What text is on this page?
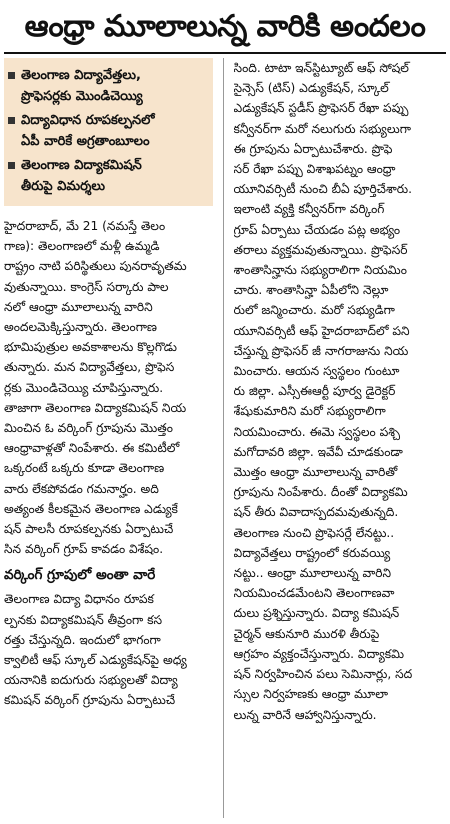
ఆంధ్రా మూలాలున్న వారికి అందలం
తెలంగాణ విద్యావేత్తలు,
ప్రొఫెసర్లకు మొండిచెయ్యి
విద్యావిధాన రూపకల్పనలో
ఏపీ వారికే అగ్రతాంబూలం
తెలంగాణ విద్యాకమిషన్
తీరుపై విమర్శలు
హైదరాబాద్, మే 21 (నమస్తే తెలం
గాణ): తెలంగాణలో మళ్లీ ఉమ్మడి
రాష్ట్రం నాటి పరిస్థితులు పునరావృతమ
వుతున్నాయి. కాంగ్రెస్ సర్కారు పాల
నలో ఆంధ్రా మూలాలున్న వారిని
అందలమెక్కిస్తున్నారు. తెలంగాణ
భూమిపుత్రుల అవకాశాలను కొల్లగొడు
తున్నారు. మన విద్యావేత్తలు, ప్రొఫెస
ర్లకు మొండిచెయ్యి చూపిస్తున్నారు.
తాజాగా తెలంగాణ విద్యాకమిషన్ నియ
మించిన ఓ వర్కింగ్ గ్రూపును మొత్తం
ఆంధ్రావాళ్లతో నింపేశారు. ఈ కమిటీలో
ఒక్కరంటే ఒక్కరు కూడా తెలంగాణ
వారు లేకపోవడం గమనార్హం. అది
అత్యంత కీలకమైన తెలంగాణ ఎడ్యుకే
షన్ పాలసీ రూపకల్పనకు ఏర్పాటుచే
సిన వర్కింగ్ గ్రూప్ కావడం విశేషం.
వర్కింగ్ గ్రూపులో అంతా వారే
తెలంగాణ విద్యా విధానం రూపక
ల్పనకు విద్యాకమిషన్ తీవ్రంగా కస
రత్తు చేస్తున్నది. ఇందులో భాగంగా
క్వాలిటీ ఆఫ్ స్కూల్ ఎడ్యుకేషన్‌పై అధ్య
యనానికి ఐదుగురు సభ్యులతో విద్యా
కమిషన్ వర్కింగ్ గ్రూపును ఏర్పాటుచే
సింది. టాటా ఇన్‌స్టిట్యూట్ ఆఫ్ సోషల్
సైన్సెస్ (టిస్) ఎడ్యుకేషన్, స్కూల్
ఎడ్యుకేషన్ స్టడీస్ ప్రొఫెసర్ రేఖా పప్పు
కన్వీనర్‌గా మరో నలుగురు సభ్యులుగా
ఈ గ్రూపును ఏర్పాటుచేశారు. ప్రొఫె
సర్ రేఖా పప్పు విశాఖపట్నం ఆంధ్రా
యూనివర్సిటీ నుంచి బీఏ పూర్తిచేశారు.
ఇలాంటి వ్యక్తి కన్వీనర్‌గా వర్కింగ్
గ్రూప్ ఏర్పాటు చేయడం పట్ల అభ్యం
తరాలు వ్యక్తమవుతున్నాయి. ప్రొఫెసర్
శాంతాసిన్హాను సభ్యురాలిగా నియమిం
చారు. శాంతాసిన్హా ఏపీలోని నెల్లూ
రులో జన్మించారు. మరో సభ్యుడిగా
యూనివర్సిటీ ఆఫ్ హైదరాబాద్‌లో పని
చేస్తున్న ప్రొఫెసర్ జీ నాగరాజును నియ
మించారు. ఆయన స్వస్థలం గుంటూ
రు జిల్లా. ఎస్సీఈఆర్టీ పూర్వ డైరెక్టర్
శేషుకుమారిని మరో సభ్యురాలిగా
నియమించారు. ఈమె స్వస్థలం పశ్చి
మగోదావరి జిల్లా. ఇవేవీ చూడకుండా
మొత్తం ఆంధ్రా మూలాలున్న వారితో
గ్రూపును నింపేశారు. దీంతో విద్యాకమి
షన్ తీరు వివాదాస్పదమవుతున్నది.
తెలంగాణ నుంచి ప్రొఫెసర్లే లేనట్టు..
విద్యావేత్తలు రాష్ట్రంలో కరువయ్యి
నట్టు.. ఆంధ్రా మూలాలున్న వారిని
నియమించడమేంటని తెలంగాణవా
దులు ప్రశ్నిస్తున్నారు. విద్యా కమిషన్
చైర్మన్ ఆకునూరి మురళి తీరుపై
ఆగ్రహం వ్యక్తంచేస్తున్నారు. విద్యాకమి
షన్ నిర్వహించిన పలు సెమినార్లు, సద
స్సుల నిర్వహణకు ఆంధ్రా మూలా
లున్న వారినే ఆహ్వానిస్తున్నారు.
